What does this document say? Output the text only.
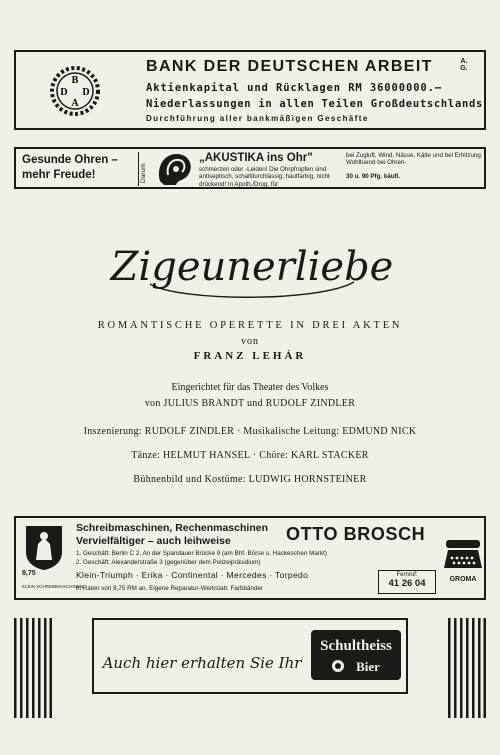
B
D D
A
BANK DER DEUTSCHEN ARBEIT	A. G.
Aktienkapital und Rücklagen RM 36000000.–
Niederlassungen in allen Teilen Großdeutschlands
Durchführung aller bankmäßigen Geschäfte
Gesunde Ohren –
mehr Freude!	Darum
„AKUSTIKA ins Ohr"
schmerzen oder -Leiden! Die Ohrpfropfen sind antiseptisch, schalldurchlässig, hautfarbig, nicht drückend! In Apoth./Drog. für
bei Zugluft, Wind, Nässe, Kälte und bei Erhitzung. Wohltuend bei Ohren-
30 u. 90 Pfg. käufl.
Zigeunerliebe
ROMANTISCHE OPERETTE IN DREI AKTEN
von
FRANZ LEHÁR
Eingerichtet für das Theater des Volkes
von JULIUS BRANDT und RUDOLF ZINDLER
Inszenierung: RUDOLF ZINDLER · Musikalische Leitung: EDMUND NICK
Tänze: HELMUT HANSEL · Chöre: KARL STACKER
Bühnenbild und Kostüme: LUDWIG HORNSTEINER
8,75
KLEIN SCHREIBMASCHINEN
Schreibmaschinen, Rechenmaschinen
Vervielfältiger – auch leihweise	OTTO BROSCH
1. Geschäft: Berlin C 2, An der Spandauer Brücke 9 (am Bhf. Börse u. Hackeschen Markt)
2. Geschäft: Alexanderstraße 3 (gegenüber dem Polizeipräsidium)
Klein-Triumph · Erika · Continental · Mercedes · Torpedo
in Raten von 8,75 RM an. Eigene Reparatur-Werkstatt. Farbbänder
Fernruf:
41 26 04	GROMA
Auch hier erhalten Sie Ihr
Schultheiss
Bier
